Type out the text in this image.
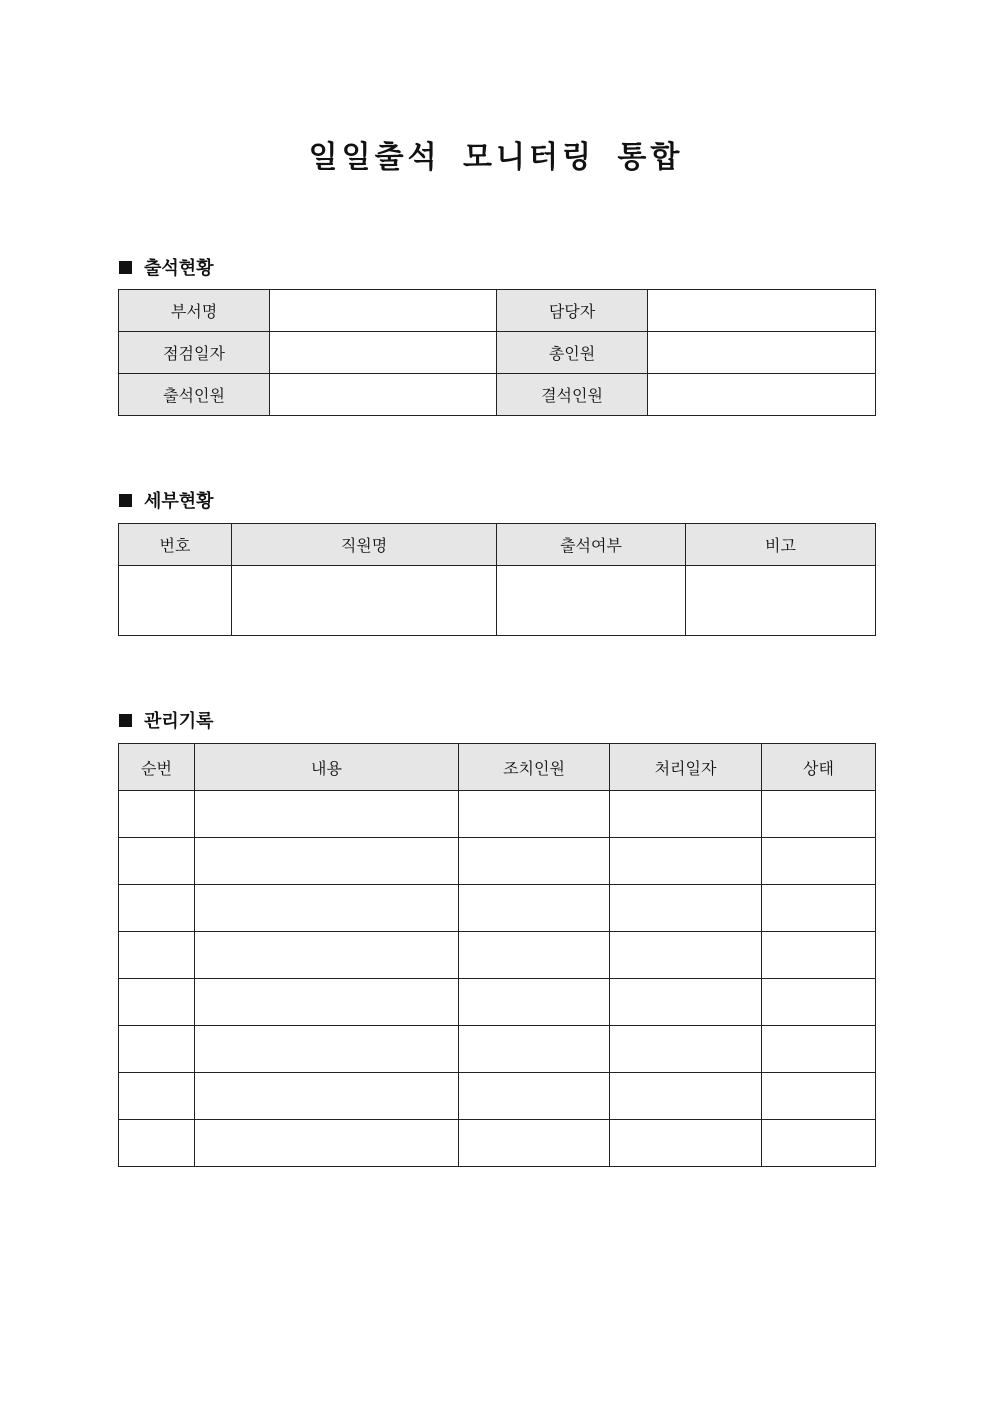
일일출석 모니터링 통합
출석현황
부서명		담당자	
점검일자		총인원	
출석인원		결석인원	
세부현황
번호	직원명	출석여부	비고

관리기록
순번	내용	조치인원	처리일자	상태
